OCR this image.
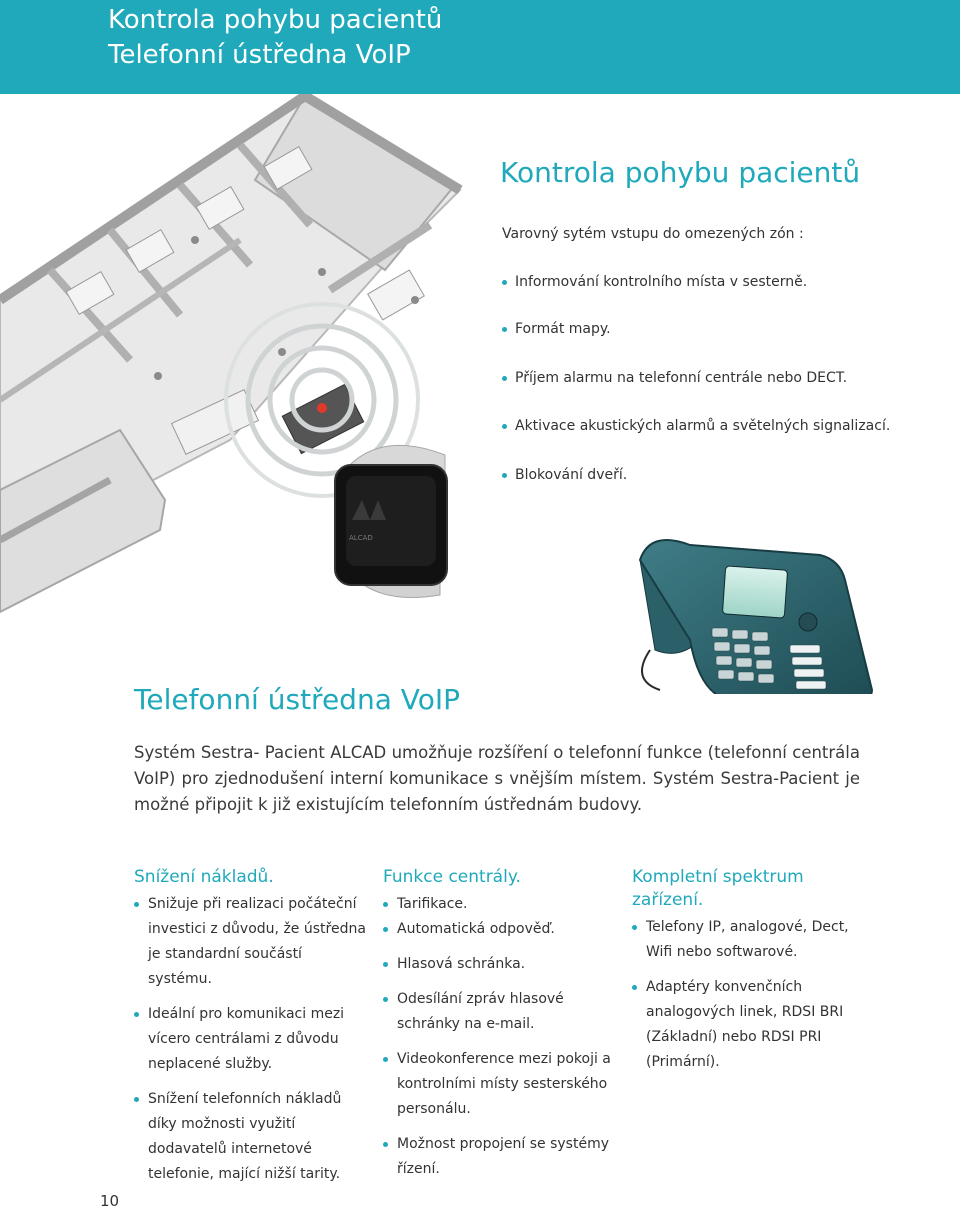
Kontrola pohybu pacientů
Telefonní ústředna VoIP
ALCAD
Kontrola pohybu pacientů
Varovný sytém vstupu do omezených zón :
Informování kontrolního místa v sesterně.
Formát mapy.
Příjem alarmu na telefonní centrále nebo DECT.
Aktivace akustických alarmů a světelných signalizací.
Blokování dveří.
Telefonní ústředna VoIP
Systém Sestra- Pacient ALCAD umožňuje rozšíření o telefonní funkce (telefonní centrála VoIP) pro zjednodušení interní komunikace s vnějším místem. Systém Sestra-Pacient je možné připojit k již existujícím telefonním ústřednám budovy.
Snížení nákladů.
Snižuje při realizaci počáteční investici z důvodu, že ústředna je standardní součástí systému.
Ideální pro komunikaci mezi vícero centrálami z důvodu neplacené služby.
Snížení telefonních nákladů díky možnosti využití dodavatelů internetové telefonie, mající nižší tarity.
Funkce centrály.
Tarifikace.
Automatická odpověď.
Hlasová schránka.
Odesílání zpráv hlasové schránky na e-mail.
Videokonference mezi pokoji a kontrolními místy sesterského personálu.
Možnost propojení se systémy řízení.
Kompletní spektrum zařízení.
Telefony IP, analogové, Dect, Wifi nebo softwarové.
Adaptéry konvenčních analogových linek, RDSI BRI (Základní) nebo RDSI PRI (Primární).
10
